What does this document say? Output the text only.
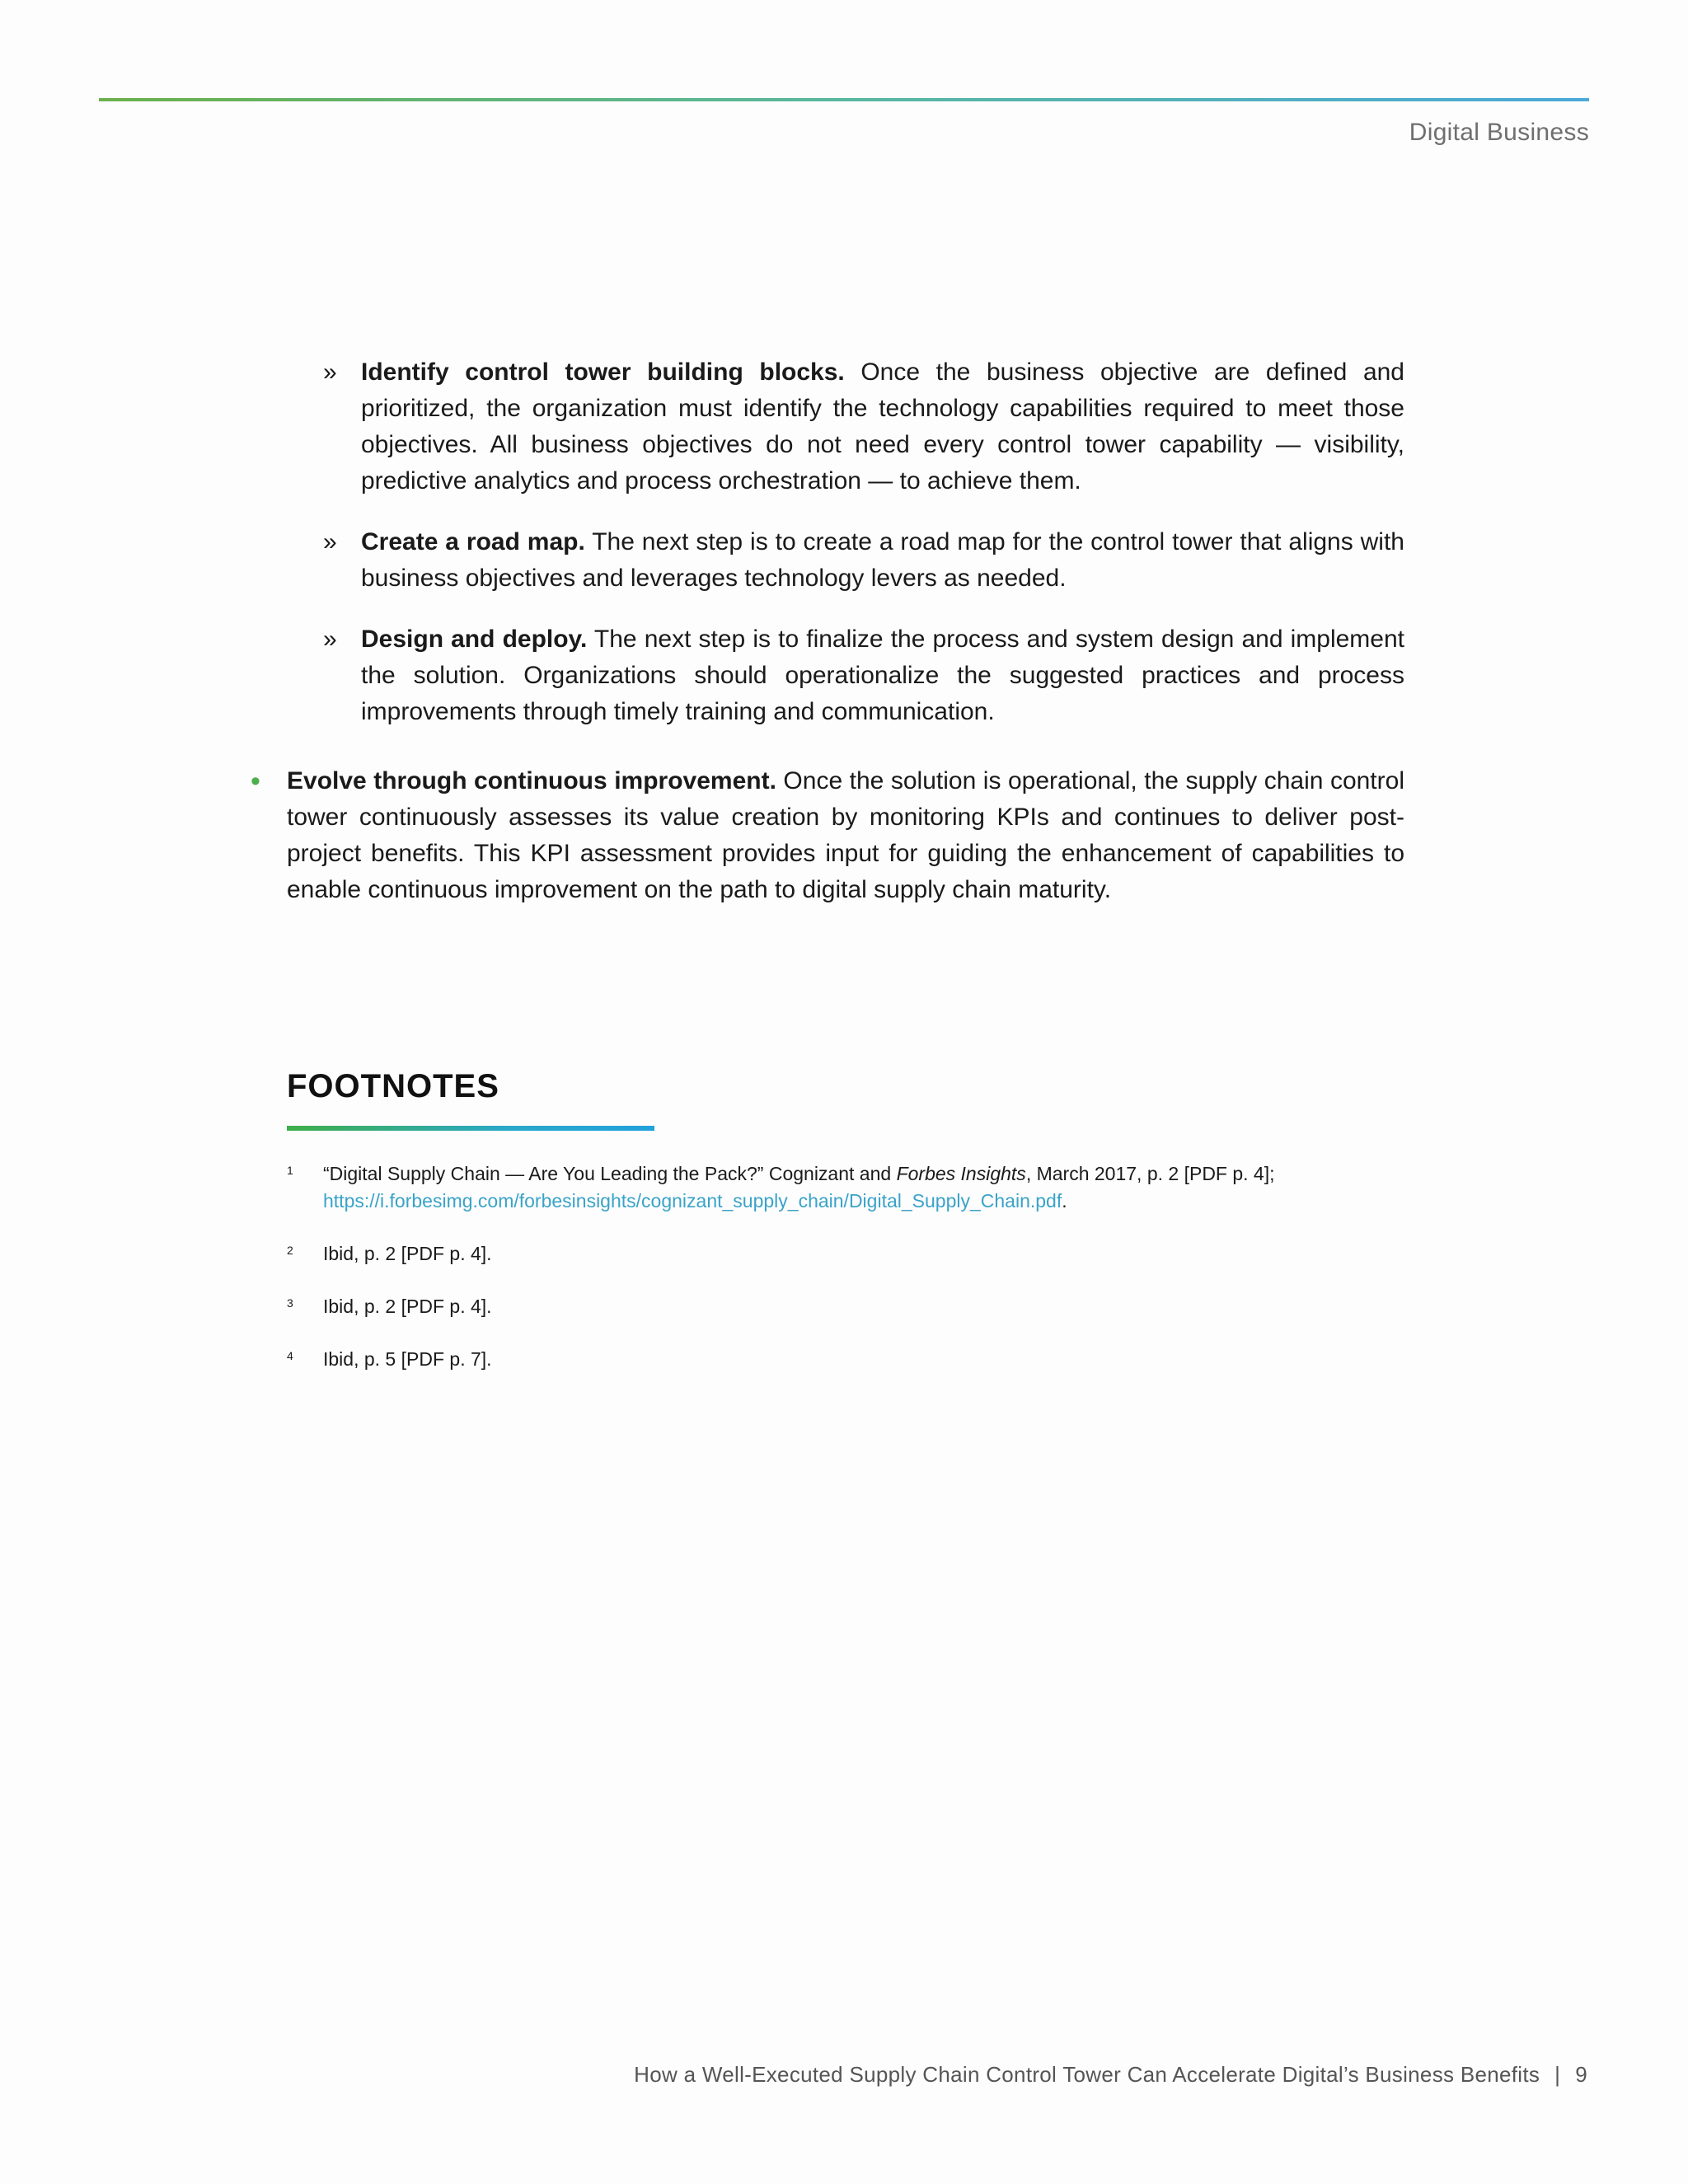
Digital Business
» Identify control tower building blocks. Once the business objective are defined and prioritized, the organization must identify the technology capabilities required to meet those objectives. All business objectives do not need every control tower capability — visibility, predictive analytics and process orchestration — to achieve them.
» Create a road map. The next step is to create a road map for the control tower that aligns with business objectives and leverages technology levers as needed.
» Design and deploy. The next step is to finalize the process and system design and implement the solution. Organizations should operationalize the suggested practices and process improvements through timely training and communication.
• Evolve through continuous improvement. Once the solution is operational, the supply chain control tower continuously assesses its value creation by monitoring KPIs and continues to deliver post-project benefits. This KPI assessment provides input for guiding the enhancement of capabilities to enable continuous improvement on the path to digital supply chain maturity.
FOOTNOTES
1 “Digital Supply Chain — Are You Leading the Pack?” Cognizant and Forbes Insights, March 2017, p. 2 [PDF p. 4];
https://i.forbesimg.com/forbesinsights/cognizant_supply_chain/Digital_Supply_Chain.pdf.
2 Ibid, p. 2 [PDF p. 4].
3 Ibid, p. 2 [PDF p. 4].
4 Ibid, p. 5 [PDF p. 7].
How a Well-Executed Supply Chain Control Tower Can Accelerate Digital’s Business Benefits | 9
